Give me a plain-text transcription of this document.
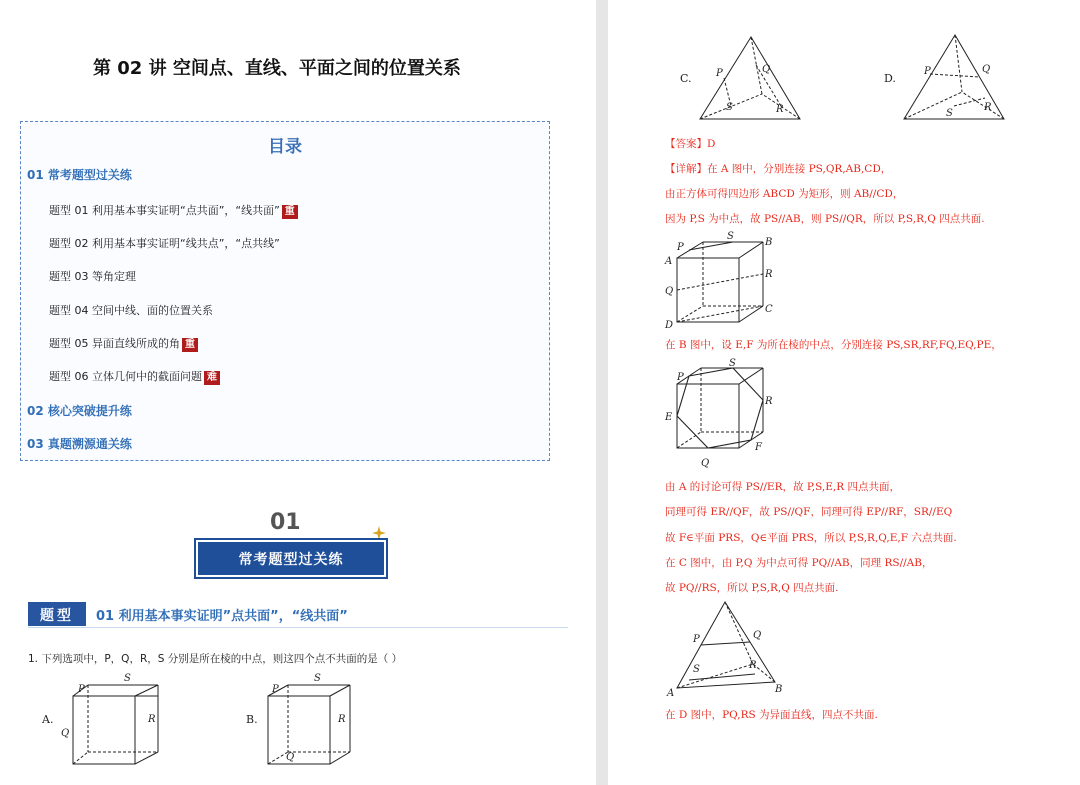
第 02 讲 空间点、直线、平面之间的位置关系
目录
01 常考题型过关练
题型 01 利用基本事实证明“点共面”，“线共面” 重
题型 02 利用基本事实证明“线共点”，“点共线”
题型 03 等角定理
题型 04 空间中线、面的位置关系
题型 05 异面直线所成的角 重
题型 06 立体几何中的截面问题 难
02 核心突破提升练
03 真题溯源通关练
01
常考题型过关练
题型	01 利用基本事实证明”点共面”，“线共面”
1. 下列选项中，P，Q，R，S 分别是所在棱的中点，则这四个点不共面的是（ ）
A.
P
S
R
Q
B.
P
S
R
Q
C. P	Q
S	R
D.
P	Q
S
R
【答案】D
【详解】在 A 图中，分别连接 PS,QR,AB,CD，
由正方体可得四边形 ABCD 为矩形，则 AB//CD，
因为 P,S 为中点，故 PS//AB，则 PS//QR，所以 P,S,R,Q 四点共面.
P
S
B
A
R
Q
C
D
在 B 图中，设 E,F 为所在棱的中点，分别连接 PS,SR,RF,FQ,EQ,PE，
P
S
R
E
F
Q
由 A 的讨论可得 PS//ER，故 P,S,E,R 四点共面，
同理可得 ER//QF，故 PS//QF，同理可得 EP//RF，SR//EQ
故 F∈平面 PRS，Q∈平面 PRS，所以 P,S,R,Q,E,F 六点共面.
在 C 图中，由 P,Q 为中点可得 PQ//AB，同理 RS//AB，
故 PQ//RS，所以 P,S,R,Q 四点共面.
P	Q
S	R
A	B
在 D 图中，PQ,RS 为异面直线，四点不共面.
